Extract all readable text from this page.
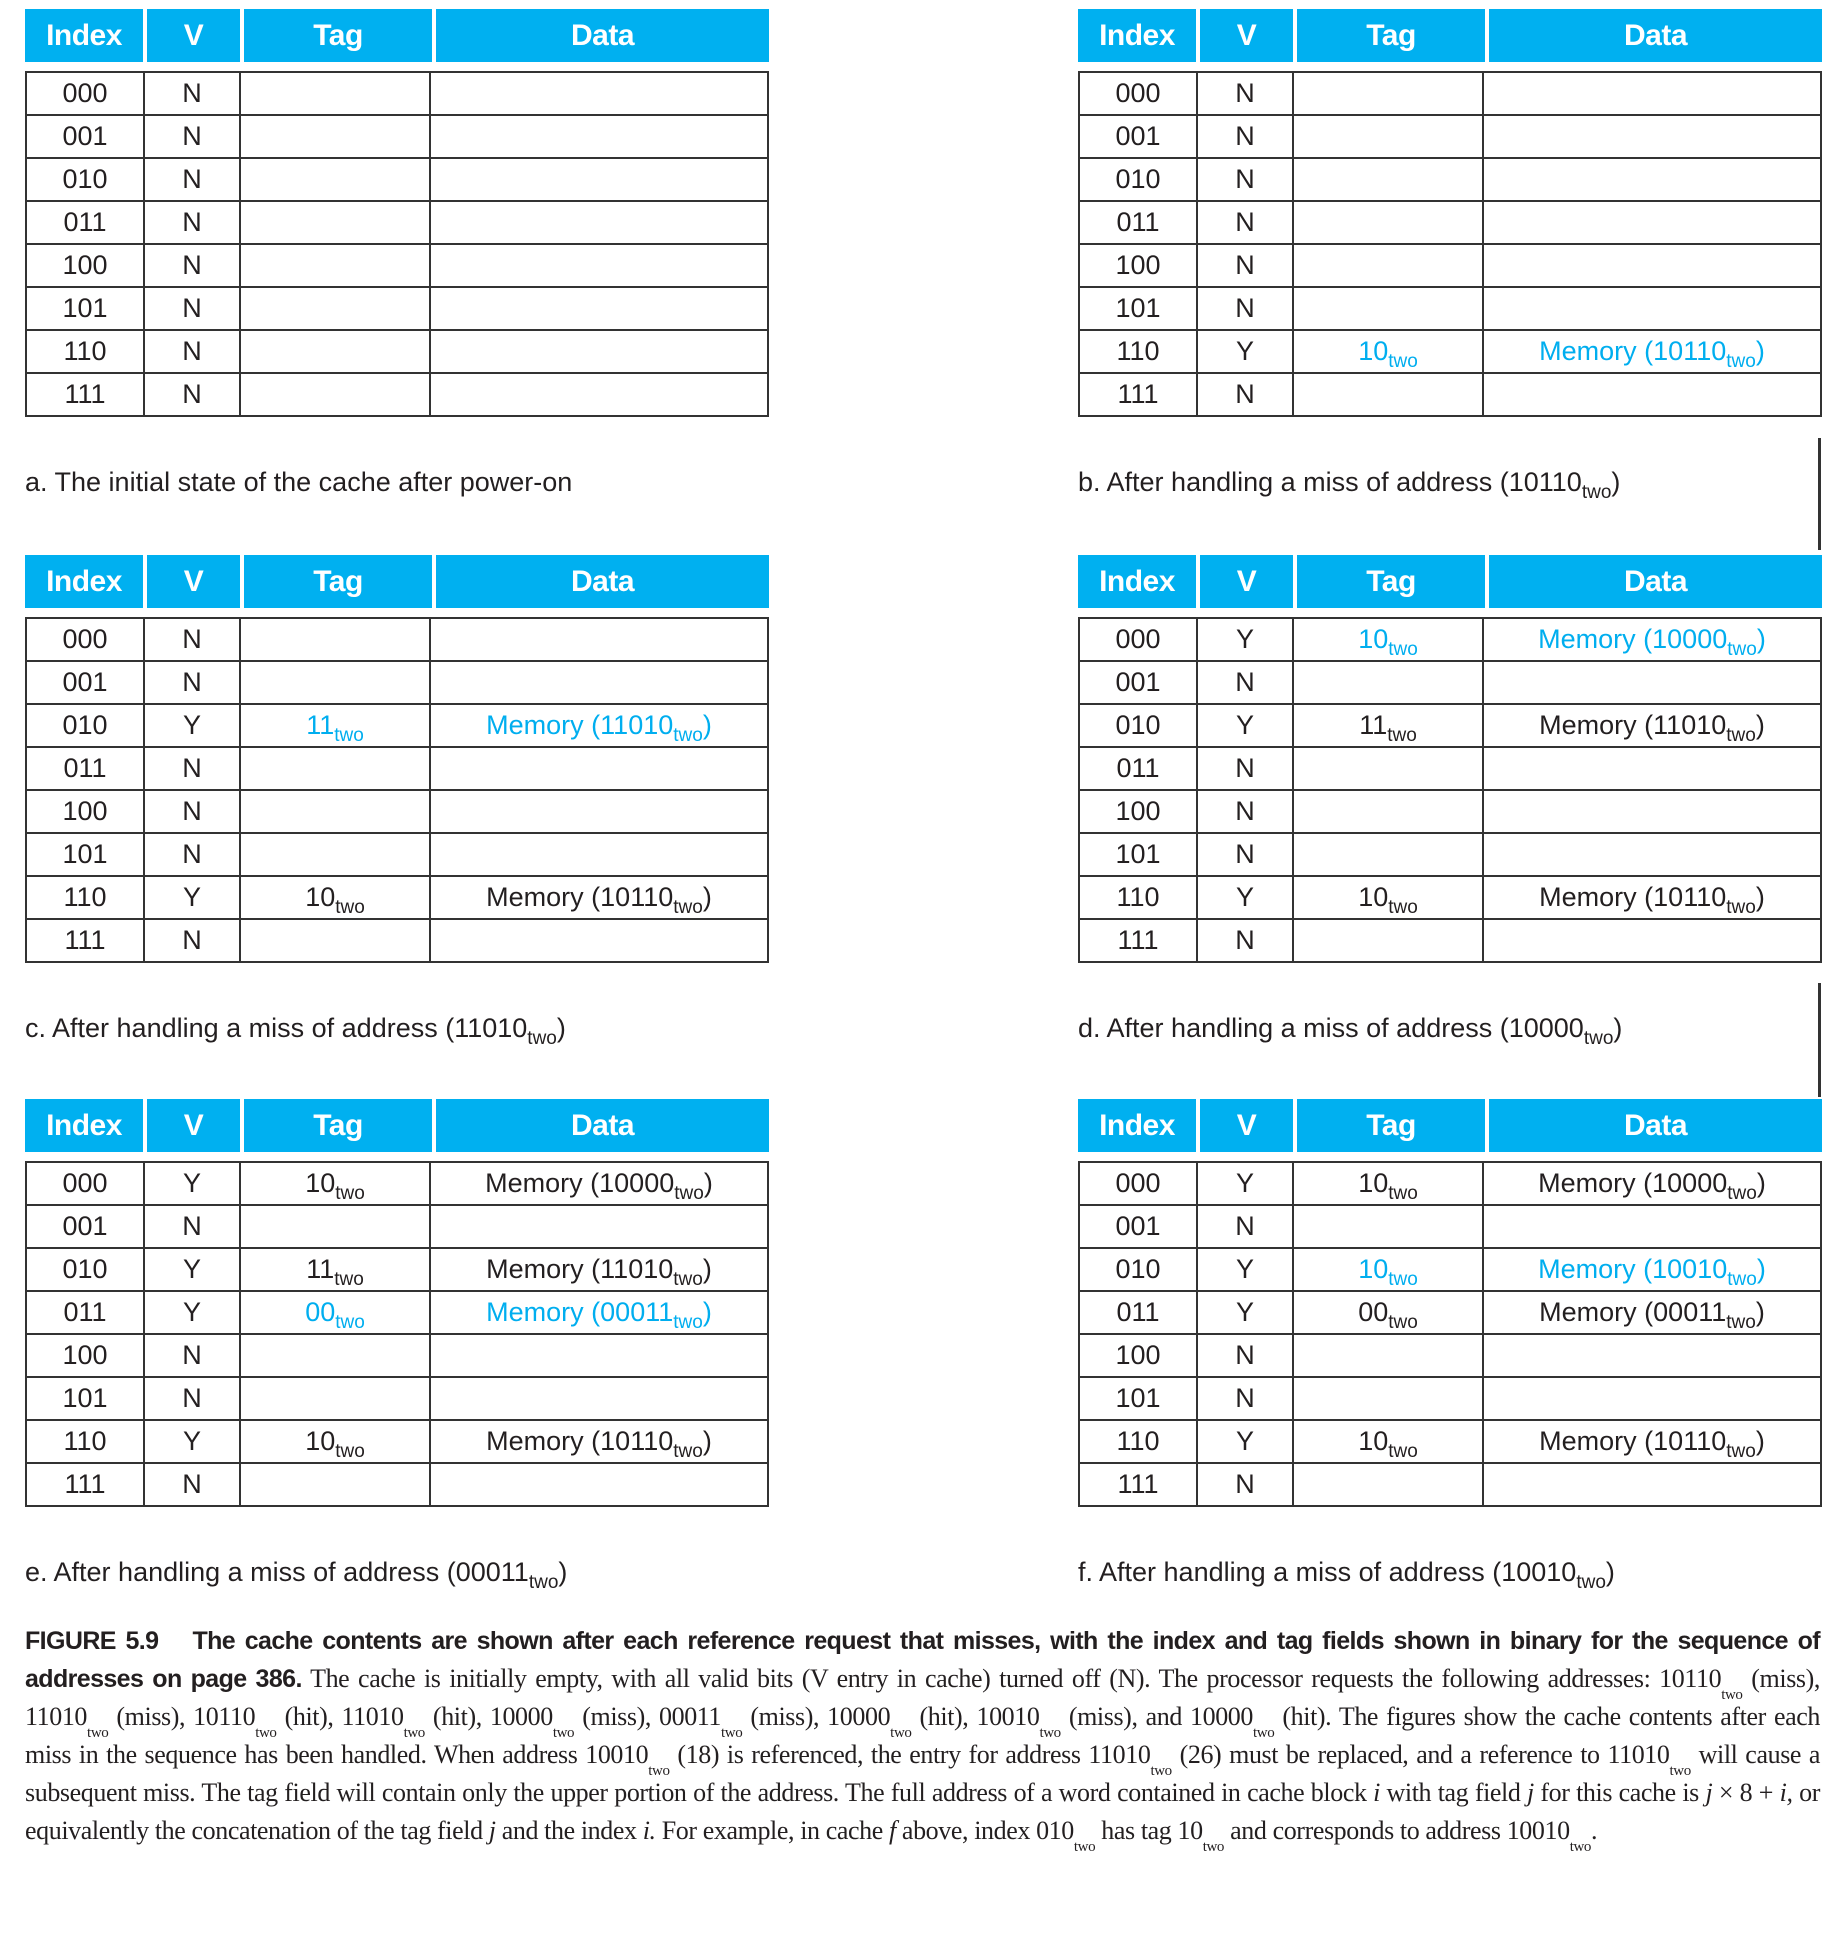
Index	V	Tag	Data
000	N		
001	N		
010	N		
011	N		
100	N		
101	N		
110	N		
111	N		
a. The initial state of the cache after power-on
Index	V	Tag	Data
000	N		
001	N		
010	N		
011	N		
100	N		
101	N		
110	Y	$10_{two}$	Memory $(10110_{two})$
111	N		
b. After handling a miss of address $(10110_{two})$
Index	V	Tag	Data
000	N		
001	N		
010	Y	$11_{two}$	Memory $(11010_{two})$
011	N		
100	N		
101	N		
110	Y	$10_{two}$	Memory $(10110_{two})$
111	N		
c. After handling a miss of address $(11010_{two})$
Index	V	Tag	Data
000	Y	$10_{two}$	Memory $(10000_{two})$
001	N		
010	Y	$11_{two}$	Memory $(11010_{two})$
011	N		
100	N		
101	N		
110	Y	$10_{two}$	Memory $(10110_{two})$
111	N		
d. After handling a miss of address $(10000_{two})$
Index	V	Tag	Data
000	Y	$10_{two}$	Memory $(10000_{two})$
001	N		
010	Y	$11_{two}$	Memory $(11010_{two})$
011	Y	$00_{two}$	Memory $(00011_{two})$
100	N		
101	N		
110	Y	$10_{two}$	Memory $(10110_{two})$
111	N		
e. After handling a miss of address $(00011_{two})$
Index	V	Tag	Data
000	Y	$10_{two}$	Memory $(10000_{two})$
001	N		
010	Y	$10_{two}$	Memory $(10010_{two})$
011	Y	$00_{two}$	Memory $(00011_{two})$
100	N		
101	N		
110	Y	$10_{two}$	Memory $(10110_{two})$
111	N		
f. After handling a miss of address $(10010_{two})$
FIGURE 5.9  The cache contents are shown after each reference request that misses, with the index and tag fields shown in binary for the sequence of addresses on page 386. The cache is initially empty, with all valid bits (V entry in cache) turned off (N). The processor requests the following addresses: $10110_{two}$ (miss), $11010_{two}$ (miss), $10110_{two}$ (hit), $11010_{two}$ (hit), $10000_{two}$ (miss), $00011_{two}$ (miss), $10000_{two}$ (hit), $10010_{two}$ (miss), and $10000_{two}$ (hit). The figures show the cache contents after each miss in the sequence has been handled. When address $10010_{two}$ (18) is referenced, the entry for address $11010_{two}$ (26) must be replaced, and a reference to $11010_{two}$ will cause a subsequent miss. The tag field will contain only the upper portion of the address. The full address of a word contained in cache block i with tag field j for this cache is j × 8 + i, or equivalently the concatenation of the tag field j and the index i. For example, in cache f above, index $010_{two}$ has tag $10_{two}$ and corresponds to address $10010_{two}$.
